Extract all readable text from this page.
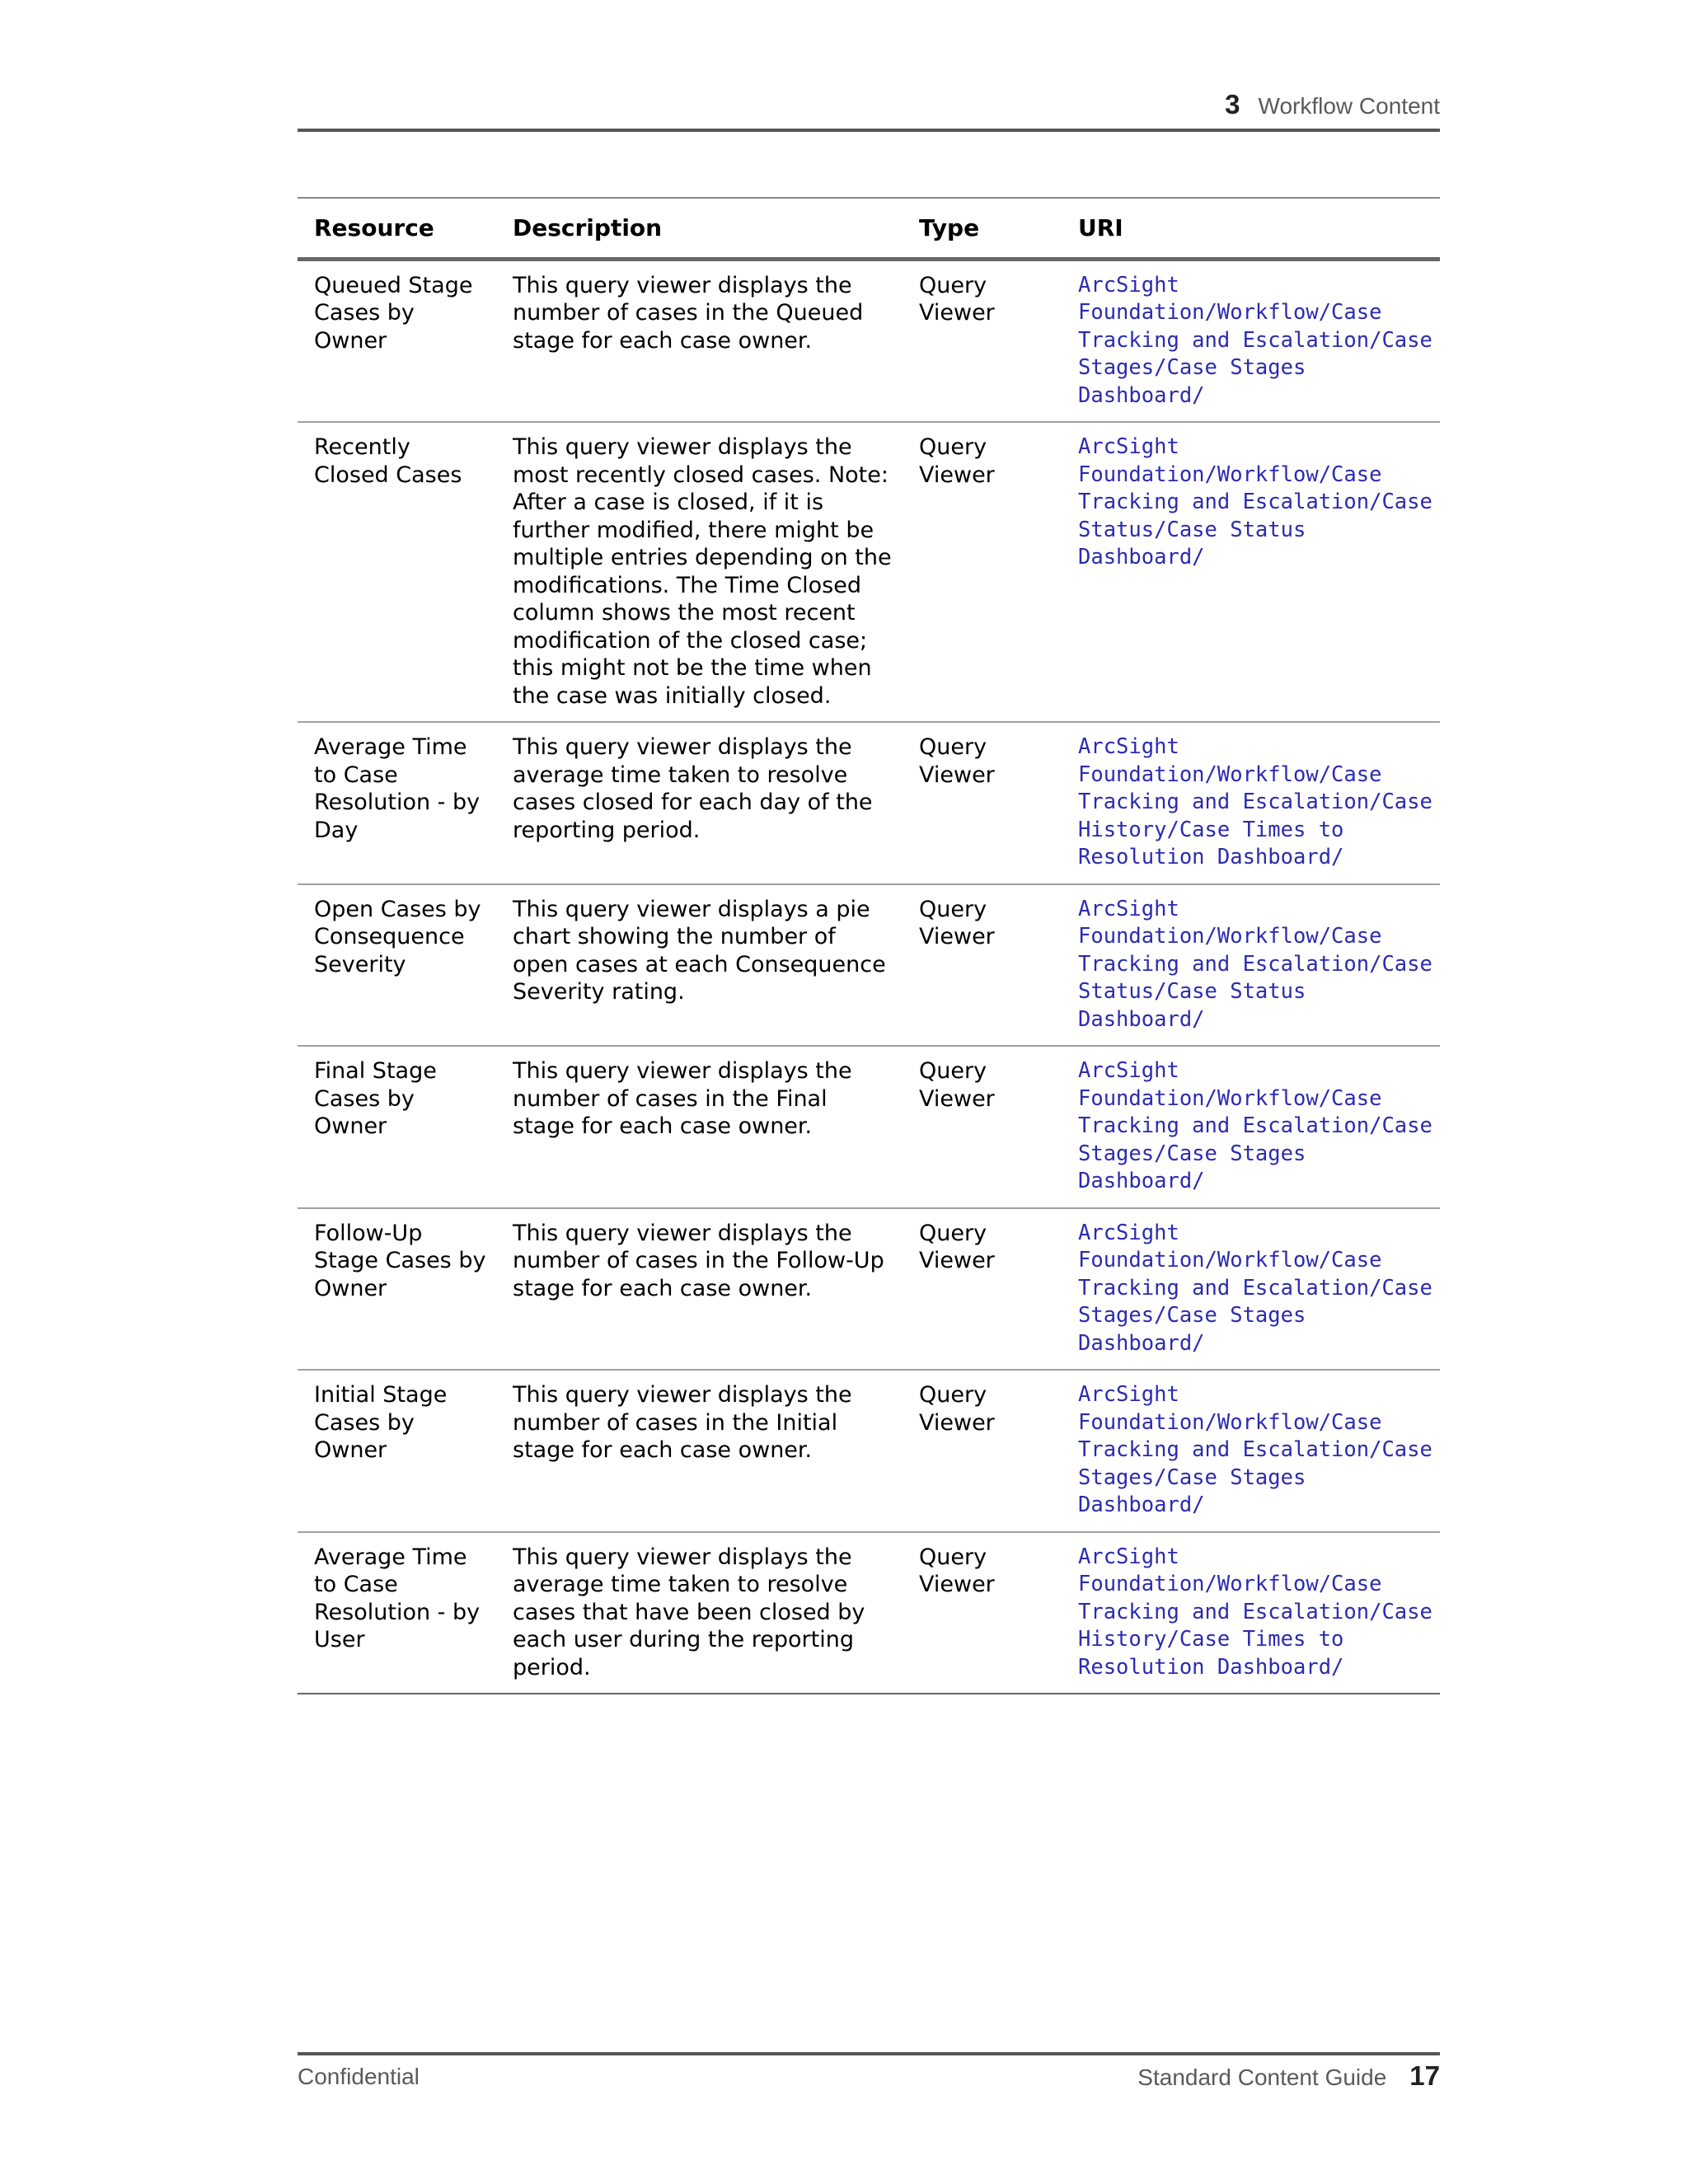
3 Workflow Content
Resource	Description	Type	URI
Queued Stage Cases by Owner	This query viewer displays the number of cases in the Queued stage for each case owner.	Query Viewer	ArcSight Foundation/Workflow/Case Tracking and Escalation/Case Stages/Case Stages Dashboard/
Recently Closed Cases	This query viewer displays the most recently closed cases. Note: After a case is closed, if it is further modified, there might be multiple entries depending on the modifications. The Time Closed column shows the most recent modification of the closed case; this might not be the time when the case was initially closed.	Query Viewer	ArcSight Foundation/Workflow/Case Tracking and Escalation/Case Status/Case Status Dashboard/
Average Time to Case Resolution - by Day	This query viewer displays the average time taken to resolve cases closed for each day of the reporting period.	Query Viewer	ArcSight Foundation/Workflow/Case Tracking and Escalation/Case History/Case Times to Resolution Dashboard/
Open Cases by Consequence Severity	This query viewer displays a pie chart showing the number of open cases at each Consequence Severity rating.	Query Viewer	ArcSight Foundation/Workflow/Case Tracking and Escalation/Case Status/Case Status Dashboard/
Final Stage Cases by Owner	This query viewer displays the number of cases in the Final stage for each case owner.	Query Viewer	ArcSight Foundation/Workflow/Case Tracking and Escalation/Case Stages/Case Stages Dashboard/
Follow-Up Stage Cases by Owner	This query viewer displays the number of cases in the Follow-Up stage for each case owner.	Query Viewer	ArcSight Foundation/Workflow/Case Tracking and Escalation/Case Stages/Case Stages Dashboard/
Initial Stage Cases by Owner	This query viewer displays the number of cases in the Initial stage for each case owner.	Query Viewer	ArcSight Foundation/Workflow/Case Tracking and Escalation/Case Stages/Case Stages Dashboard/
Average Time to Case Resolution - by User	This query viewer displays the average time taken to resolve cases that have been closed by each user during the reporting period.	Query Viewer	ArcSight Foundation/Workflow/Case Tracking and Escalation/Case History/Case Times to Resolution Dashboard/
Confidential	Standard Content Guide 17
